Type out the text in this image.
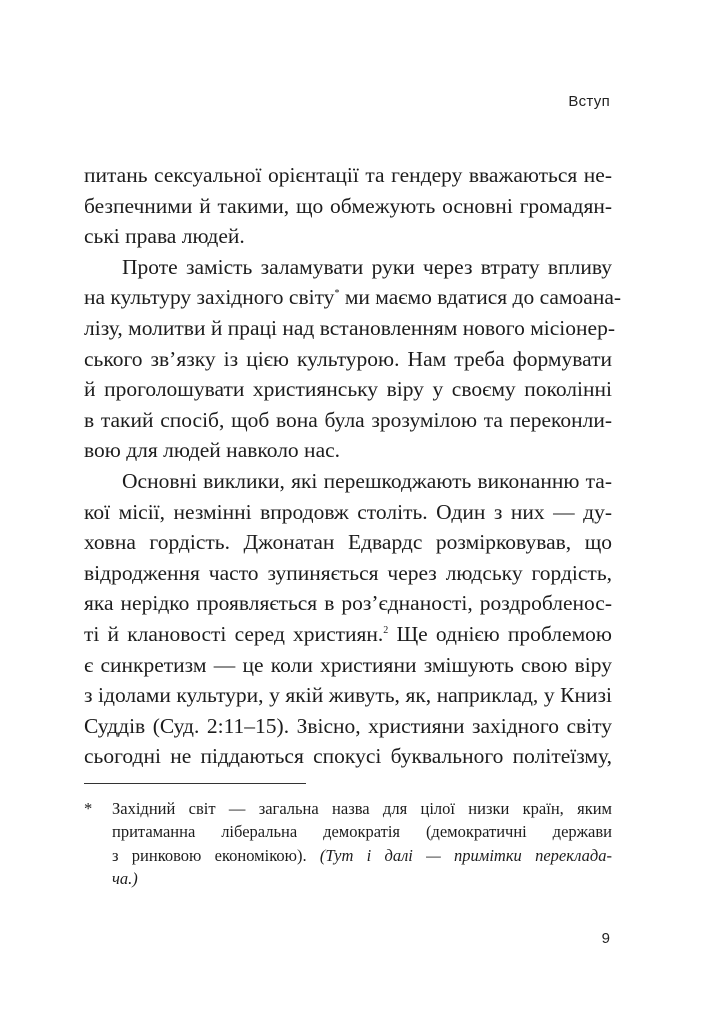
Вступ
питань сексуальної орієнтації та гендеру вважаються не-
безпечними й такими, що обмежують основні громадян-
ські права людей.
Проте замість заламувати руки через втрату впливу
на культуру західного світу* ми маємо вдатися до самоана-
лізу, молитви й праці над встановленням нового місіонер-
ського зв’язку із цією культурою. Нам треба формувати
й проголошувати християнську віру у своєму поколінні
в такий спосіб, щоб вона була зрозумілою та переконли-
вою для людей навколо нас.
Основні виклики, які перешкоджають виконанню та-
кої місії, незмінні впродовж століть. Один з них — ду-
ховна гордість. Джонатан Едвардс розмірковував, що
відродження часто зупиняється через людську гордість,
яка нерідко проявляється в роз’єднаності, роздробленос-
ті й клановості серед християн.$^2$ Ще однією проблемою
є синкретизм — це коли християни змішують свою віру
з ідолами культури, у якій живуть, як, наприклад, у Книзі
Суддів (Суд. 2:11–15). Звісно, християни західного світу
сьогодні не піддаються спокусі буквального політеїзму,
* Західний світ — загальна назва для цілої низки країн, яким
притаманна ліберальна демократія (демократичні держави
з ринковою економікою). (Тут і далі — примітки переклада-
ча.)
9
